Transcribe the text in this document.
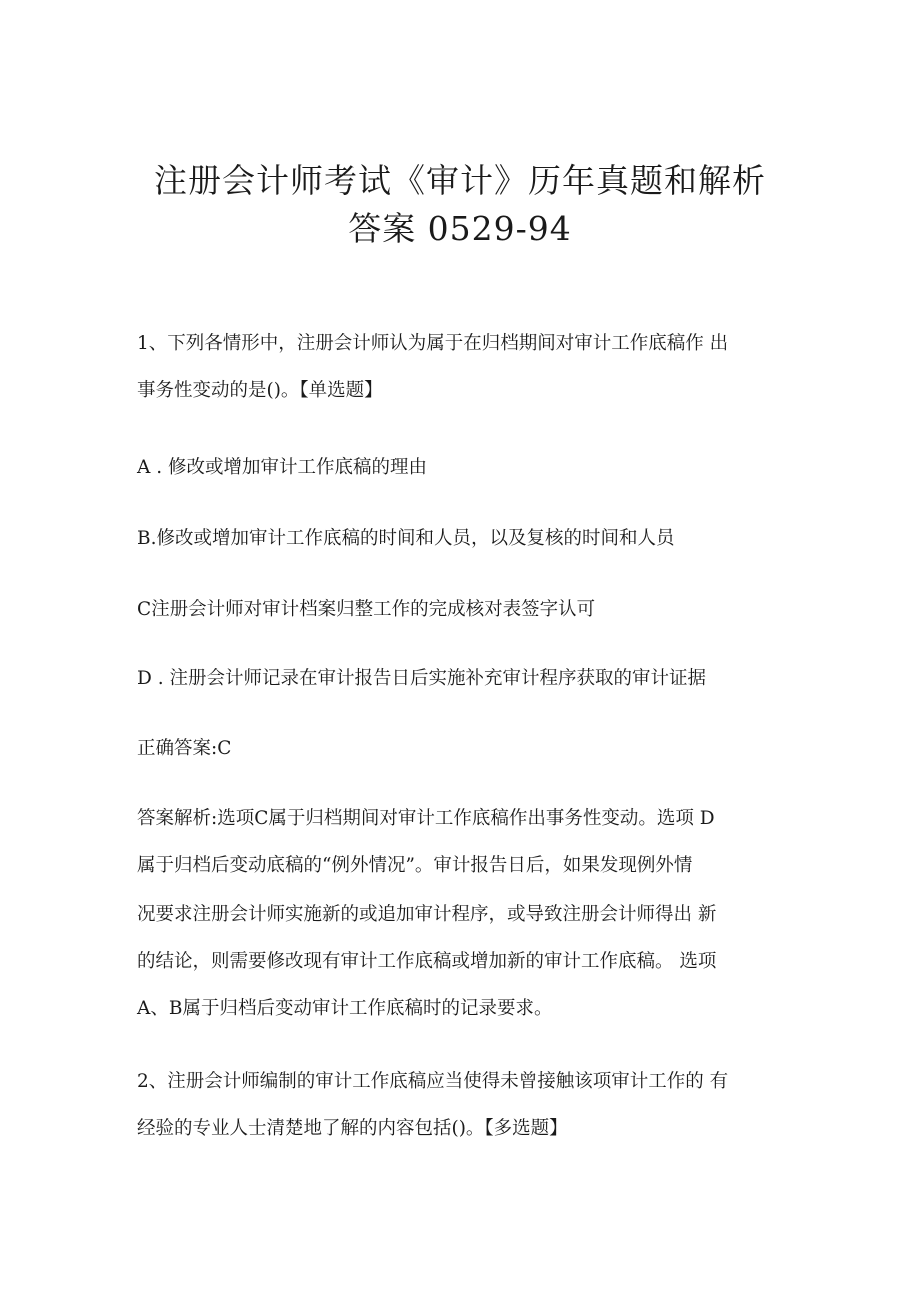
注册会计师考试《审计》历年真题和解析
答案 0529-94
1、下列各情形中，注册会计师认为属于在归档期间对审计工作底稿作 出
事务性变动的是()。【单选题】
A . 修改或增加审计工作底稿的理由
B.修改或增加审计工作底稿的时间和人员，以及复核的时间和人员
C注册会计师对审计档案归整工作的完成核对表签字认可
D . 注册会计师记录在审计报告日后实施补充审计程序获取的审计证据
正确答案:C
答案解析:选项C属于归档期间对审计工作底稿作出事务性变动。选项 D
属于归档后变动底稿的“例外情况”。审计报告日后，如果发现例外情
况要求注册会计师实施新的或追加审计程序，或导致注册会计师得出 新
的结论，则需要修改现有审计工作底稿或增加新的审计工作底稿。 选项
A、B属于归档后变动审计工作底稿时的记录要求。
2、注册会计师编制的审计工作底稿应当使得未曾接触该项审计工作的 有
经验的专业人士清楚地了解的内容包括()。【多选题】
